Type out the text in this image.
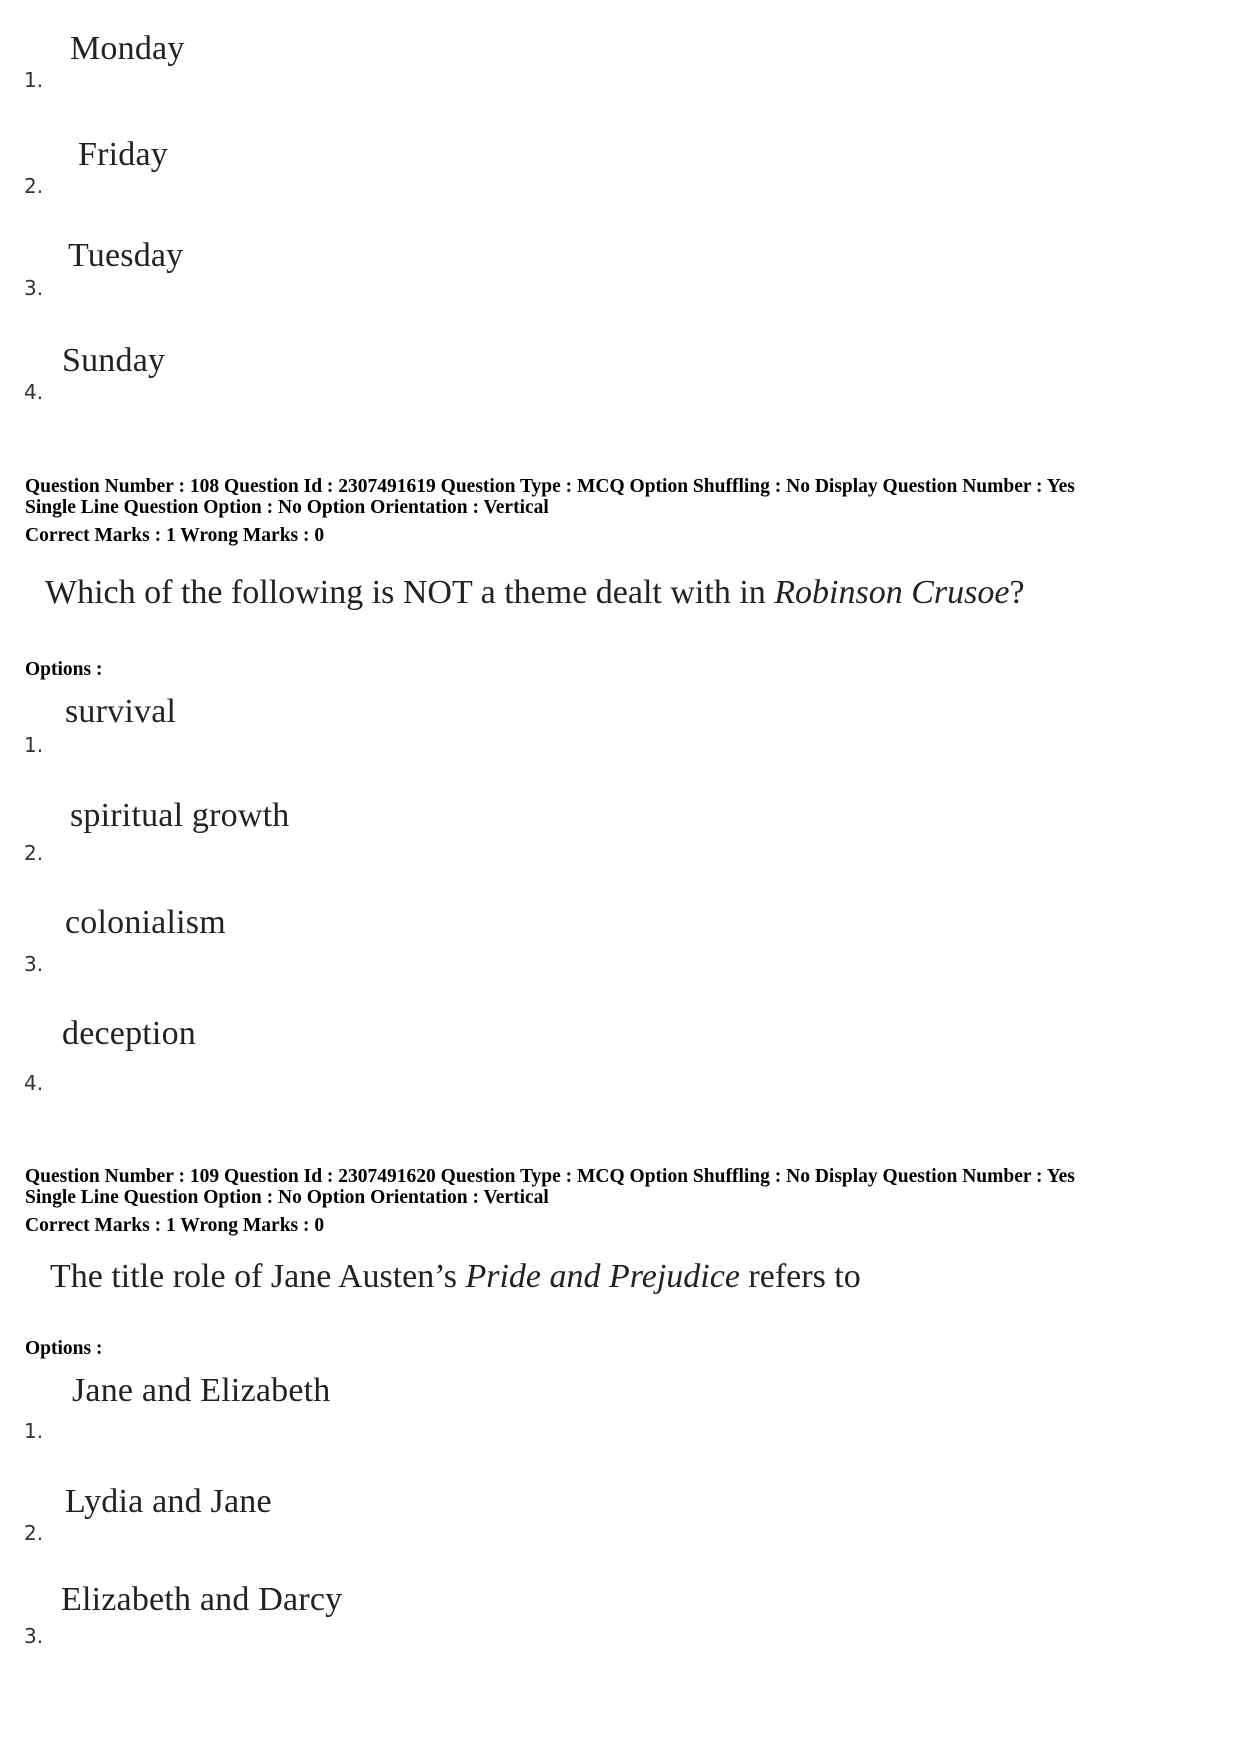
Monday
1.
Friday
2.
Tuesday
3.
Sunday
4.
Question Number : 108 Question Id : 2307491619 Question Type : MCQ Option Shuffling : No Display Question Number : Yes
Single Line Question Option : No Option Orientation : Vertical
Correct Marks : 1 Wrong Marks : 0
Which of the following is NOT a theme dealt with in Robinson Crusoe?
Options :
survival
1.
spiritual growth
2.
colonialism
3.
deception
4.
Question Number : 109 Question Id : 2307491620 Question Type : MCQ Option Shuffling : No Display Question Number : Yes
Single Line Question Option : No Option Orientation : Vertical
Correct Marks : 1 Wrong Marks : 0
The title role of Jane Austen’s Pride and Prejudice refers to
Options :
Jane and Elizabeth
1.
Lydia and Jane
2.
Elizabeth and Darcy
3.
